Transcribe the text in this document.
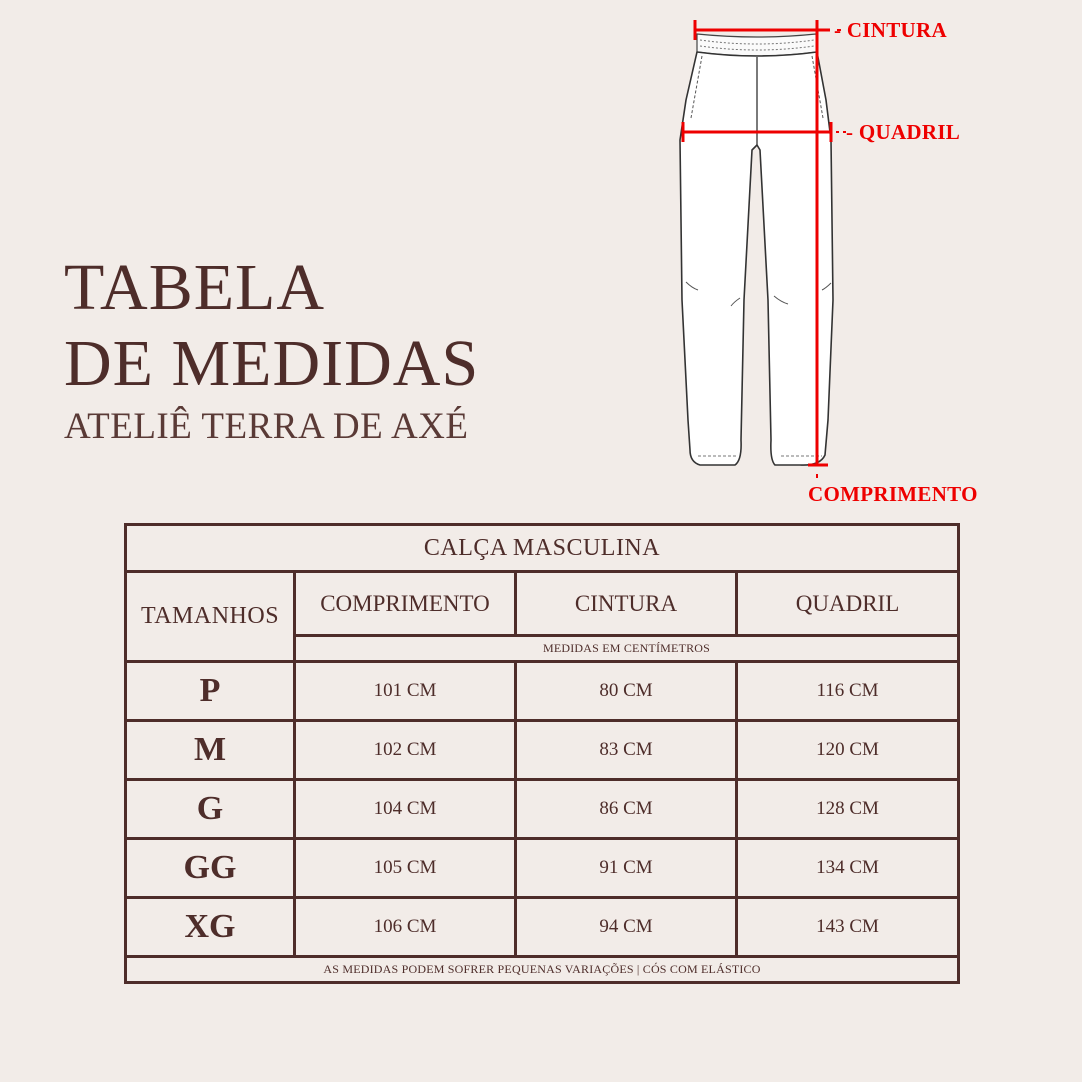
TABELA
DE MEDIDAS
ATELIÊ TERRA DE AXÉ
- CINTURA
- QUADRIL
COMPRIMENTO
CALÇA MASCULINA			
TAMANHOS	COMPRIMENTO	CINTURA	QUADRIL
	MEDIDAS EM CENTÍMETROS		
P	101 CM	80 CM	116 CM
M	102 CM	83 CM	120 CM
G	104 CM	86 CM	128 CM
GG	105 CM	91 CM	134 CM
XG	106 CM	94 CM	143 CM
AS MEDIDAS PODEM SOFRER PEQUENAS VARIAÇÕES | CÓS COM ELÁSTICO			
